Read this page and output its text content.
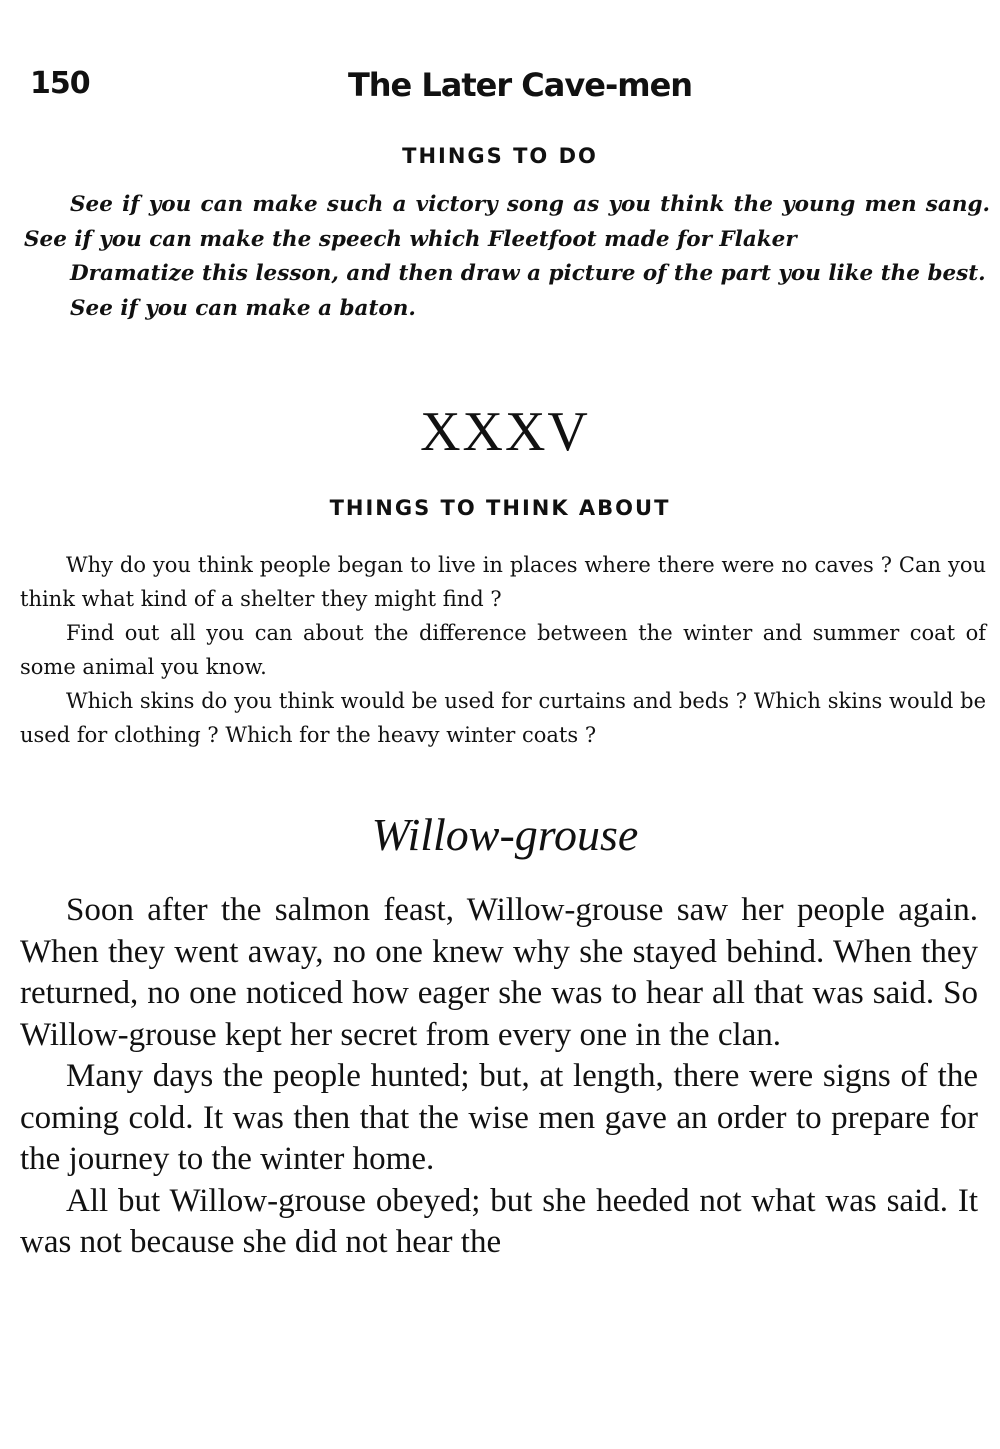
150	The Later Cave-men
THINGS TO DO

See if you can make such a victory song as you think the young men sang. See if you can make the speech which Fleetfoot made for Flaker

Dramatize this lesson, and then draw a picture of the part you like the best.

See if you can make a baton.

XXXV
THINGS TO THINK ABOUT

Why do you think people began to live in places where there were no caves ? Can you think what kind of a shelter they might find ?

Find out all you can about the difference between the winter and summer coat of some animal you know.

Which skins do you think would be used for curtains and beds ? Which skins would be used for clothing ? Which for the heavy winter coats ?

Willow-grouse

Soon after the salmon feast, Willow-grouse saw her people again. When they went away, no one knew why she stayed behind. When they returned, no one noticed how eager she was to hear all that was said. So Willow-grouse kept her secret from every one in the clan.

Many days the people hunted; but, at length, there were signs of the coming cold. It was then that the wise men gave an order to prepare for the journey to the winter home.

All but Willow-grouse obeyed; but she heeded not what was said. It was not because she did not hear the
